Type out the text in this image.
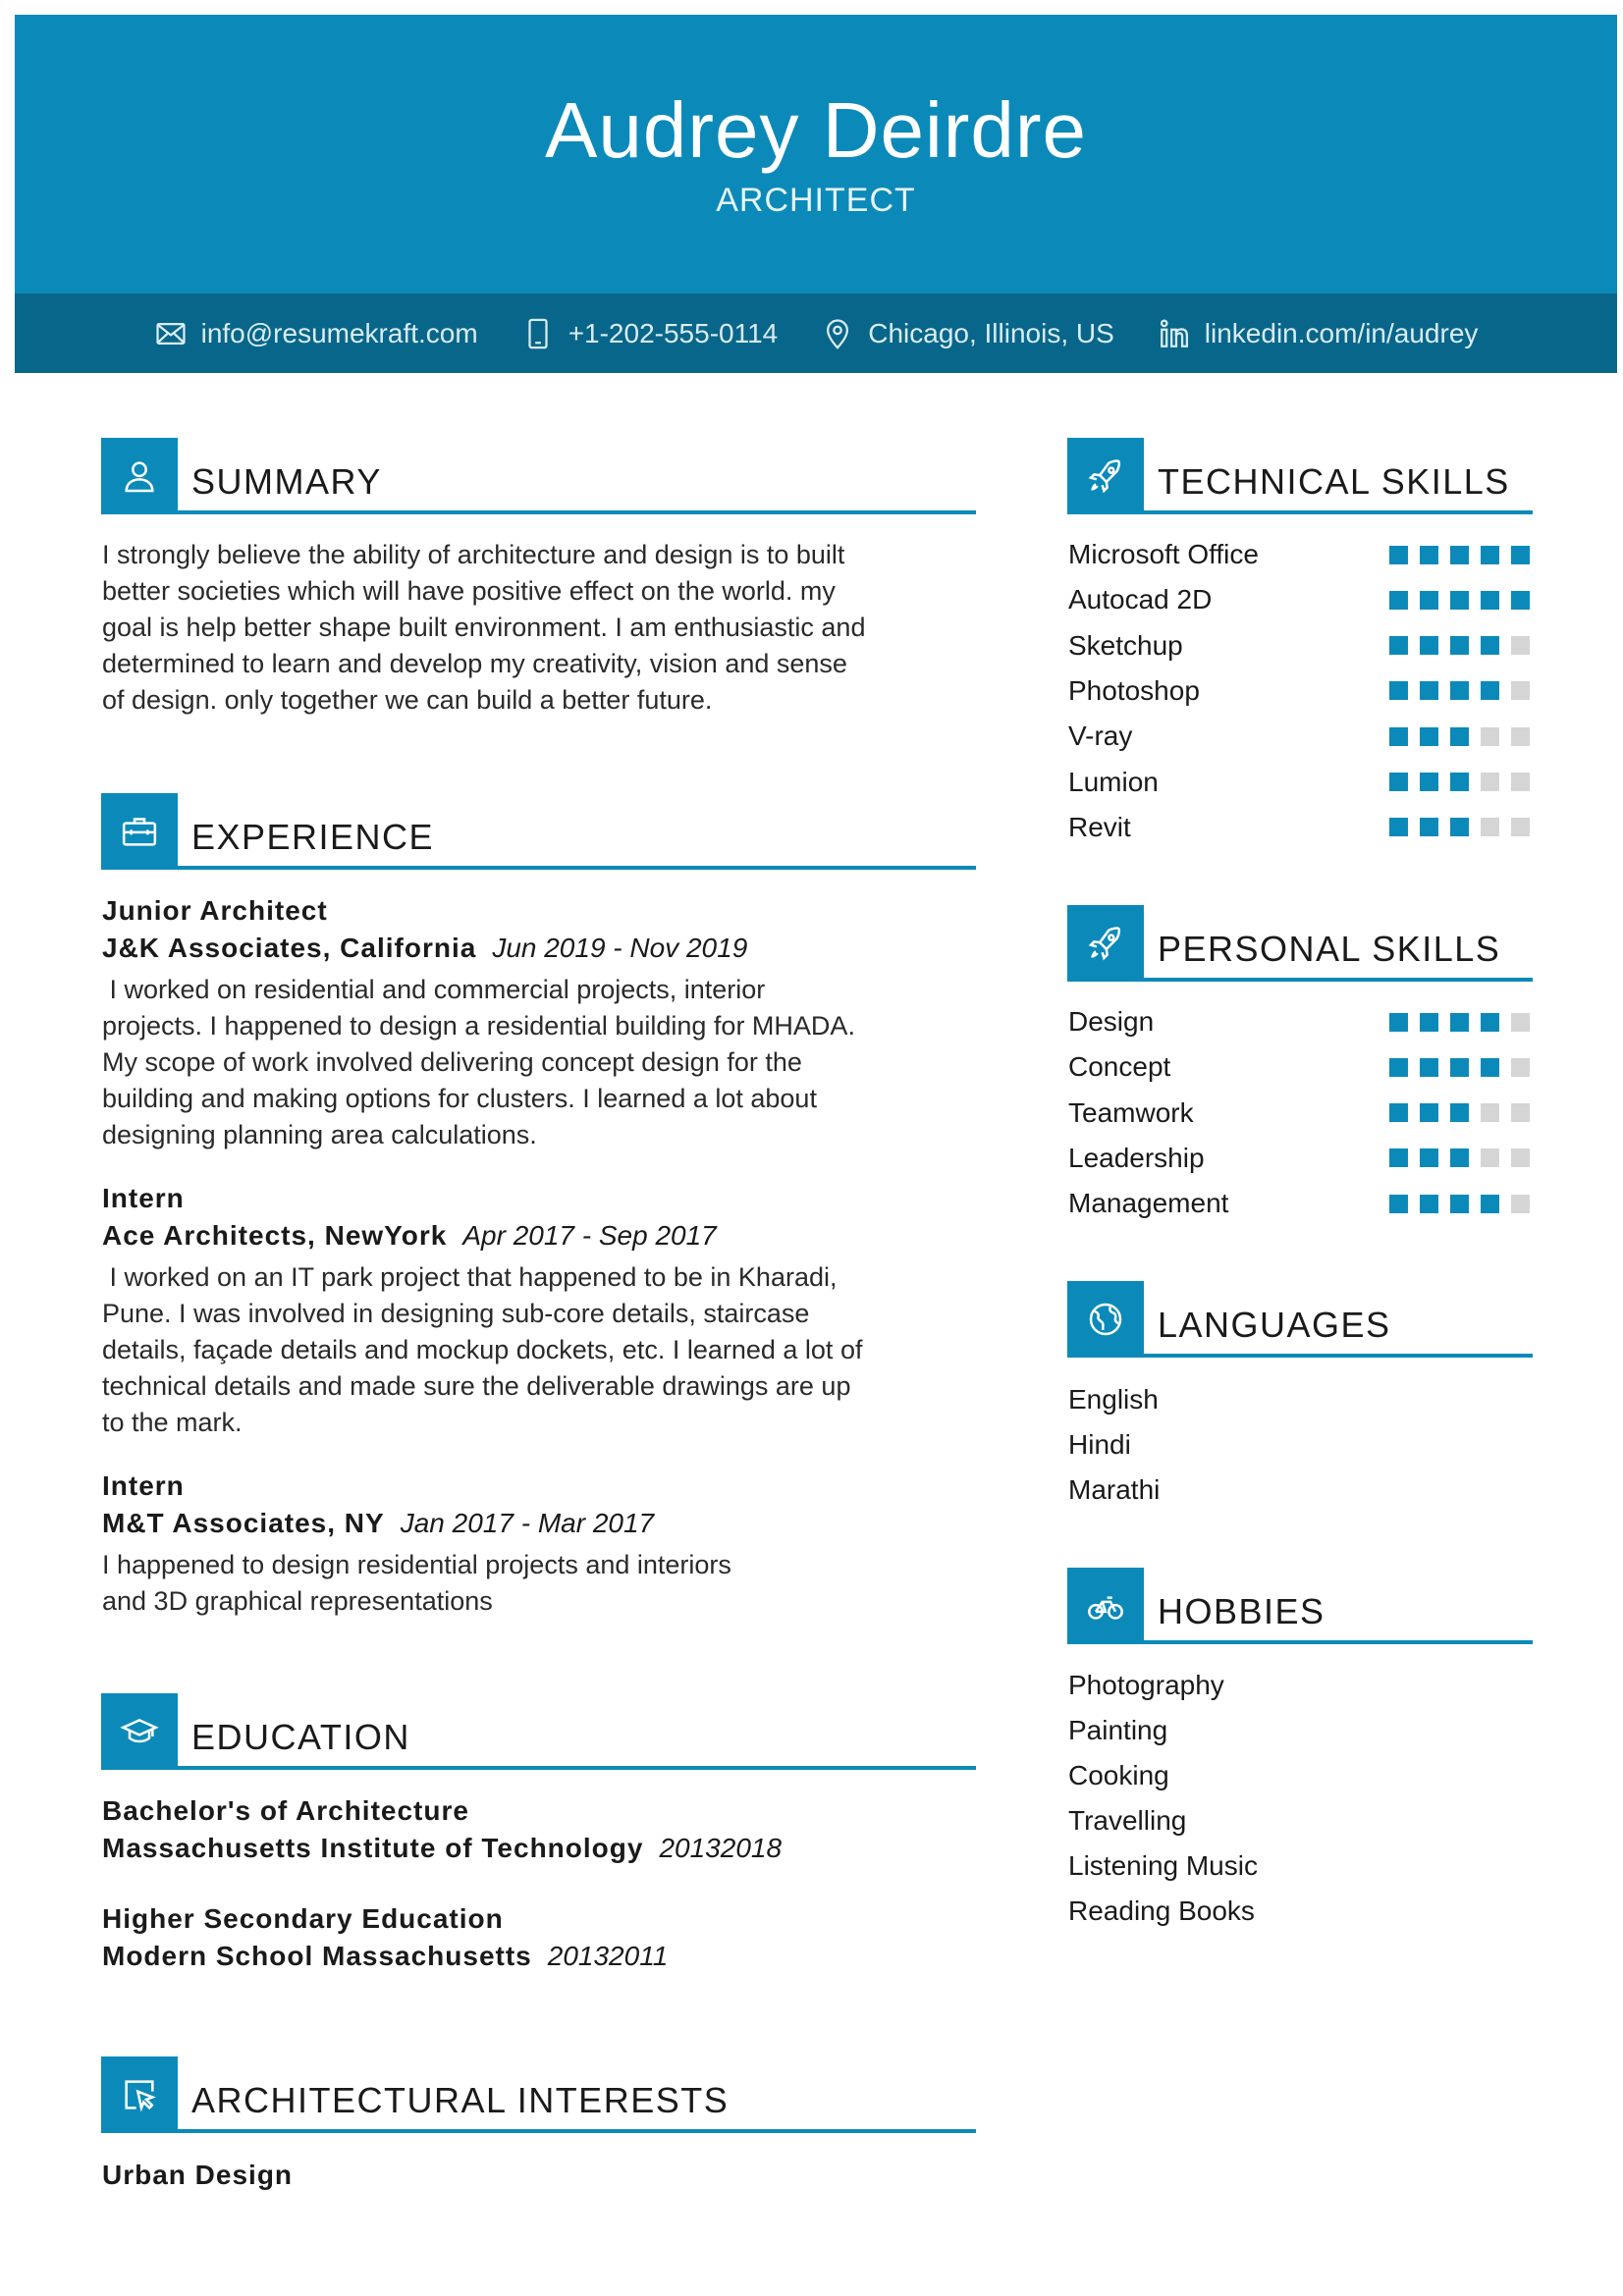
Audrey Deirdre
ARCHITECT
info@resumekraft.com	+1-202-555-0114	Chicago, Illinois, US	linkedin.com/in/audrey
SUMMARY
I strongly believe the ability of architecture and design is to built
better societies which will have positive effect on the world. my
goal is help better shape built environment. I am enthusiastic and
determined to learn and develop my creativity, vision and sense
of design. only together we can build a better future.
EXPERIENCE
Junior Architect
J&K Associates, California Jun 2019 - Nov 2019
I worked on residential and commercial projects, interior
projects. I happened to design a residential building for MHADA.
My scope of work involved delivering concept design for the
building and making options for clusters. I learned a lot about
designing planning area calculations.
Intern
Ace Architects, NewYork Apr 2017 - Sep 2017
I worked on an IT park project that happened to be in Kharadi,
Pune. I was involved in designing sub-core details, staircase
details, façade details and mockup dockets, etc. I learned a lot of
technical details and made sure the deliverable drawings are up
to the mark.
Intern
M&T Associates, NY Jan 2017 - Mar 2017
I happened to design residential projects and interiors
and 3D graphical representations
EDUCATION
Bachelor's of Architecture
Massachusetts Institute of Technology 20132018
Higher Secondary Education
Modern School Massachusetts 20132011
ARCHITECTURAL INTERESTS
Urban Design
TECHNICAL SKILLS
Microsoft Office
Autocad 2D
Sketchup
Photoshop
V-ray
Lumion
Revit
PERSONAL SKILLS
Design
Concept
Teamwork
Leadership
Management
LANGUAGES
English
Hindi
Marathi
HOBBIES
Photography
Painting
Cooking
Travelling
Listening Music
Reading Books
